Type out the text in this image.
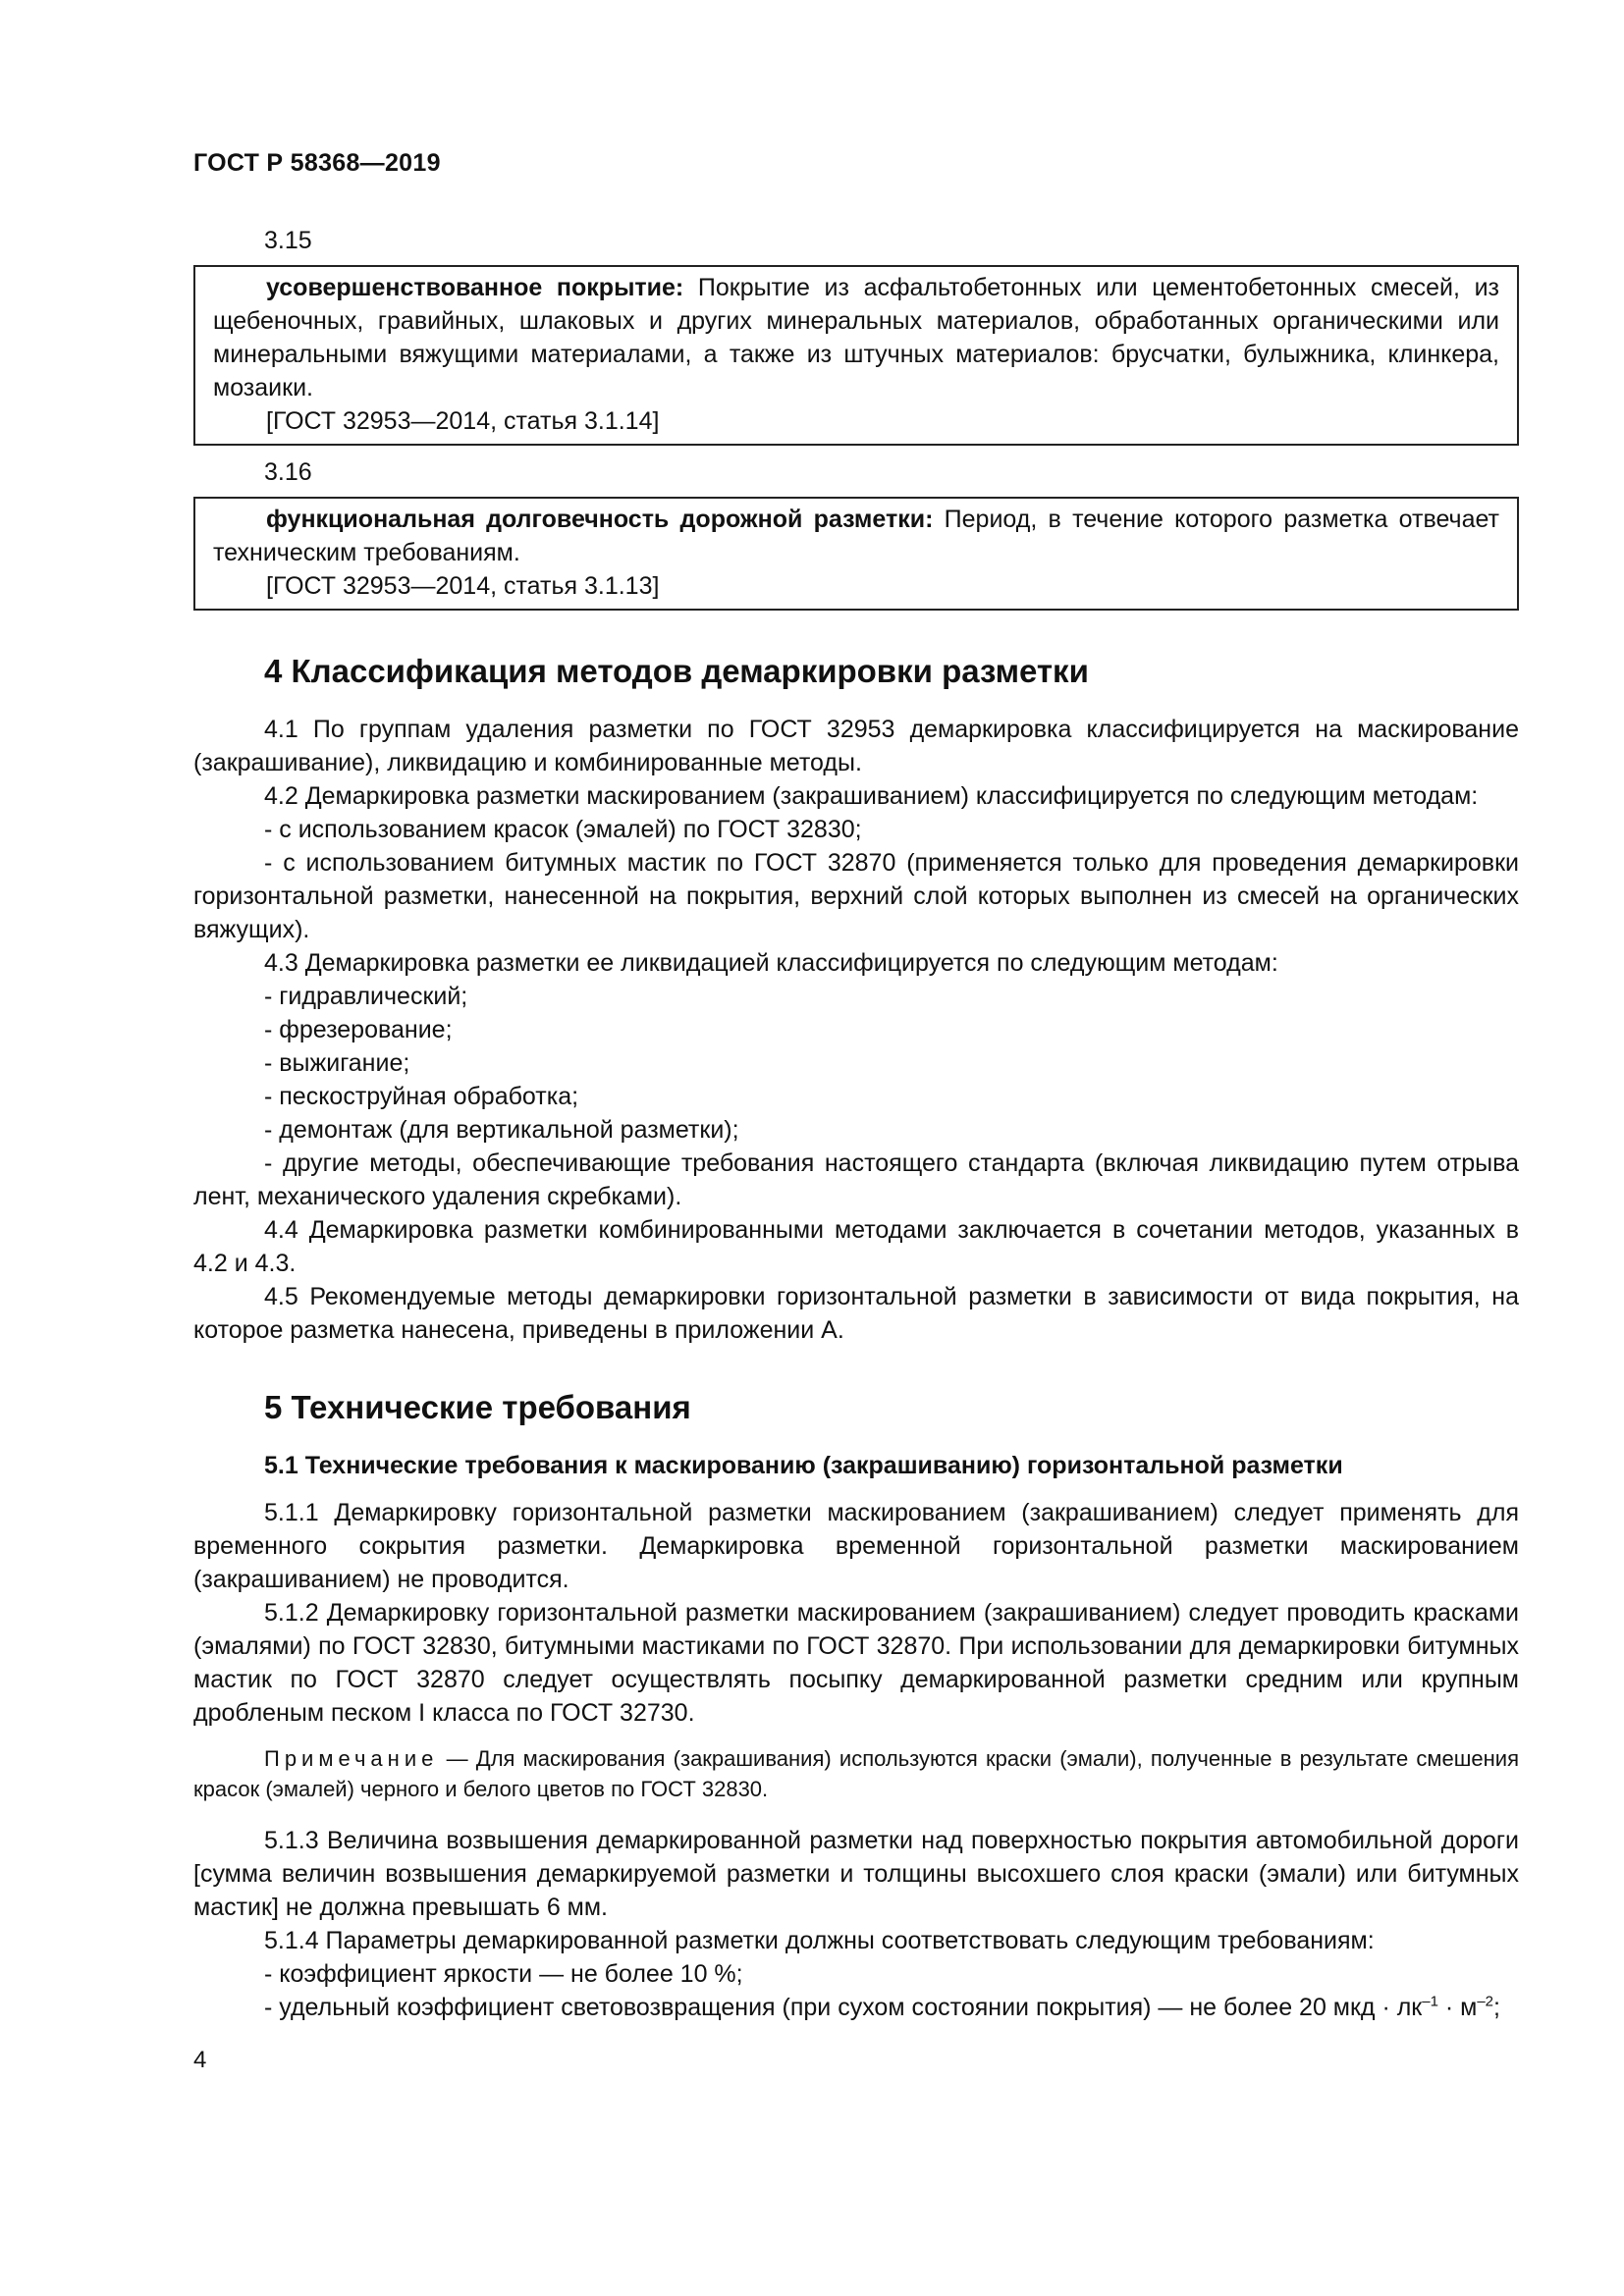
ГОСТ Р 58368—2019

3.15

усовершенствованное покрытие: Покрытие из асфальтобетонных или цементобетонных смесей, из щебеночных, гравийных, шлаковых и других минеральных материалов, обработанных органическими или минеральными вяжущими материалами, а также из штучных материалов: брусчатки, булыжника, клинкера, мозаики.

[ГОСТ 32953—2014, статья 3.1.14]

3.16

функциональная долговечность дорожной разметки: Период, в течение которого разметка отвечает техническим требованиям.

[ГОСТ 32953—2014, статья 3.1.13]

4 Классификация методов демаркировки разметки

4.1 По группам удаления разметки по ГОСТ 32953 демаркировка классифицируется на маскирование (закрашивание), ликвидацию и комбинированные методы.

4.2 Демаркировка разметки маскированием (закрашиванием) классифицируется по следующим методам:

- с использованием красок (эмалей) по ГОСТ 32830;

- с использованием битумных мастик по ГОСТ 32870 (применяется только для проведения демаркировки горизонтальной разметки, нанесенной на покрытия, верхний слой которых выполнен из смесей на органических вяжущих).

4.3 Демаркировка разметки ее ликвидацией классифицируется по следующим методам:

- гидравлический;

- фрезерование;

- выжигание;

- пескоструйная обработка;

- демонтаж (для вертикальной разметки);

- другие методы, обеспечивающие требования настоящего стандарта (включая ликвидацию путем отрыва лент, механического удаления скребками).

4.4 Демаркировка разметки комбинированными методами заключается в сочетании методов, указанных в 4.2 и 4.3.

4.5 Рекомендуемые методы демаркировки горизонтальной разметки в зависимости от вида покрытия, на которое разметка нанесена, приведены в приложении А.

5 Технические требования
5.1 Технические требования к маскированию (закрашиванию) горизонтальной разметки

5.1.1 Демаркировку горизонтальной разметки маскированием (закрашиванием) следует применять для временного сокрытия разметки. Демаркировка временной горизонтальной разметки маскированием (закрашиванием) не проводится.

5.1.2 Демаркировку горизонтальной разметки маскированием (закрашиванием) следует проводить красками (эмалями) по ГОСТ 32830, битумными мастиками по ГОСТ 32870. При использовании для демаркировки битумных мастик по ГОСТ 32870 следует осуществлять посыпку демаркированной разметки средним или крупным дробленым песком I класса по ГОСТ 32730.

Примечание — Для маскирования (закрашивания) используются краски (эмали), полученные в результате смешения красок (эмалей) черного и белого цветов по ГОСТ 32830.

5.1.3 Величина возвышения демаркированной разметки над поверхностью покрытия автомобильной дороги [сумма величин возвышения демаркируемой разметки и толщины высохшего слоя краски (эмали) или битумных мастик] не должна превышать 6 мм.

5.1.4 Параметры демаркированной разметки должны соответствовать следующим требованиям:

- коэффициент яркости — не более 10 %;

- удельный коэффициент световозвращения (при сухом состоянии покрытия) — не более 20 мкд · $лк^{-1} \cdot м^{-2}$;

4
